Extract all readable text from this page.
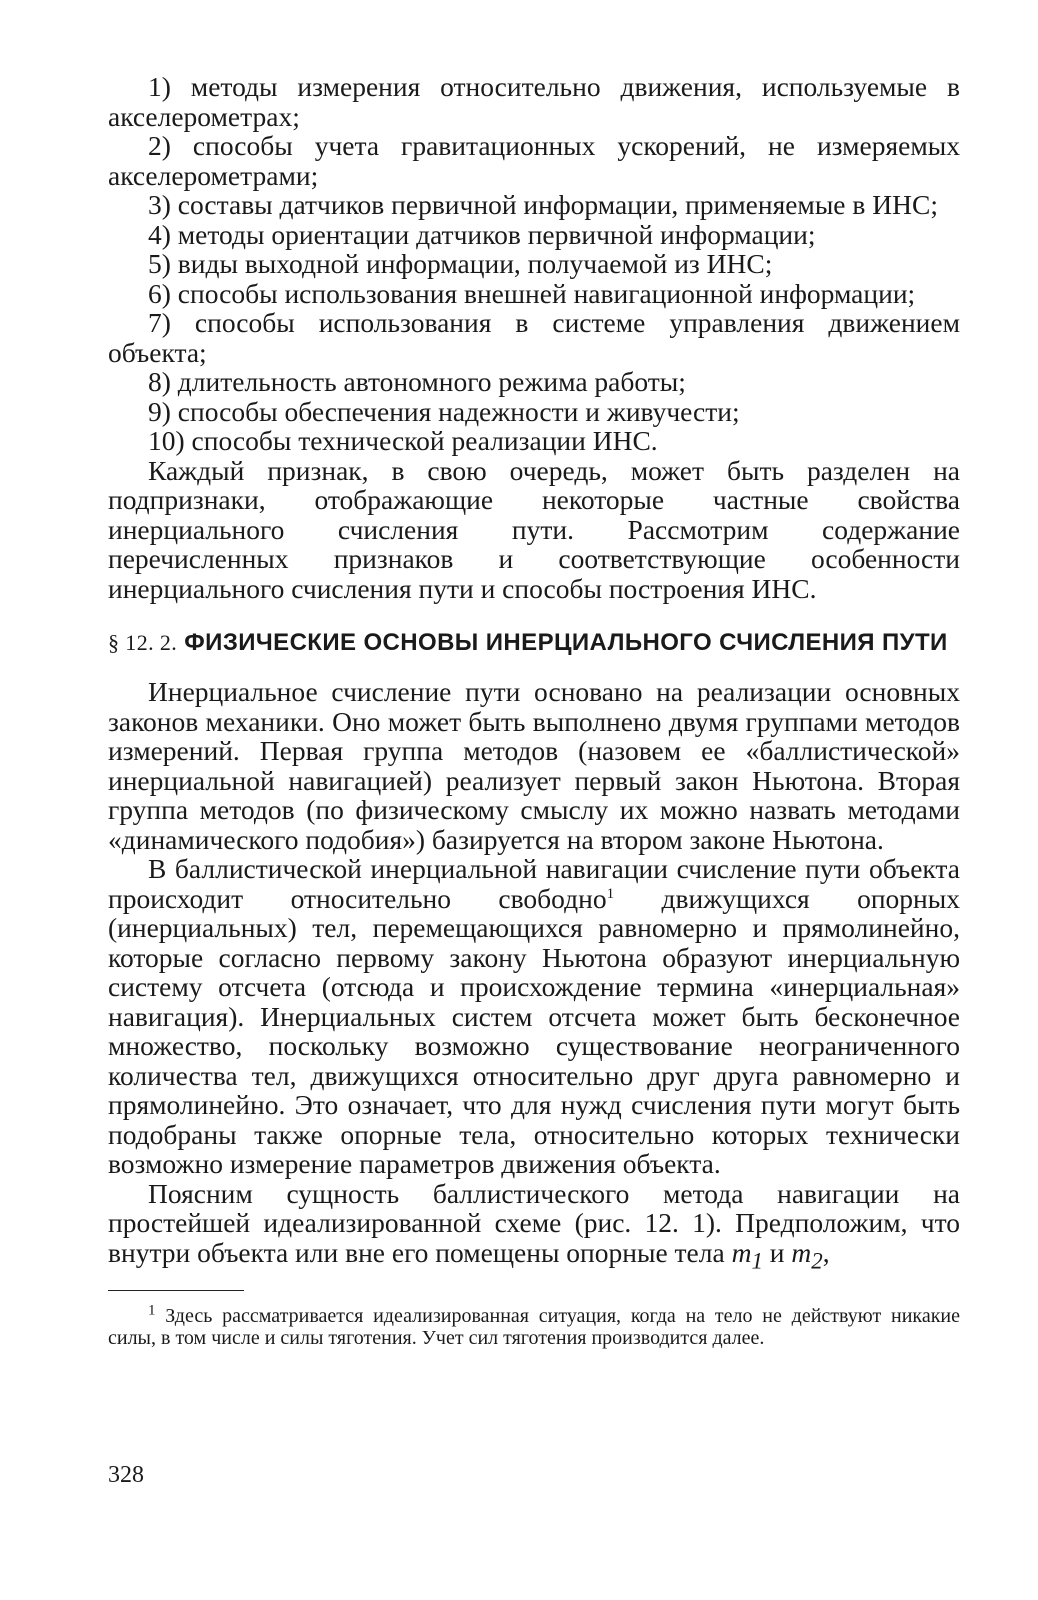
1) методы измерения относительно движения, используемые в акселерометрах;

2) способы учета гравитационных ускорений, не измеряемых акселерометрами;

3) составы датчиков первичной информации, применяемые в ИНС;

4) методы ориентации датчиков первичной информации;

5) виды выходной информации, получаемой из ИНС;

6) способы использования внешней навигационной информации;

7) способы использования в системе управления движением объекта;

8) длительность автономного режима работы;

9) способы обеспечения надежности и живучести;

10) способы технической реализации ИНС.

Каждый признак, в свою очередь, может быть разделен на подпризнаки, отображающие некоторые частные свойства инерциального счисления пути. Рассмотрим содержание перечисленных признаков и соответствующие особенности инерциального счисления пути и способы построения ИНС.

§ 12. 2. ФИЗИЧЕСКИЕ ОСНОВЫ ИНЕРЦИАЛЬНОГО СЧИСЛЕНИЯ ПУТИ

Инерциальное счисление пути основано на реализации основных законов механики. Оно может быть выполнено двумя группами методов измерений. Первая группа методов (назовем ее «баллистической» инерциальной навигацией) реализует первый закон Ньютона. Вторая группа методов (по физическому смыслу их можно назвать методами «динамического подобия») базируется на втором законе Ньютона.

В баллистической инерциальной навигации счисление пути объекта происходит относительно свободно$^1$ движущихся опорных (инерциальных) тел, перемещающихся равномерно и прямолинейно, которые согласно первому закону Ньютона образуют инерциальную систему отсчета (отсюда и происхождение термина «инерциальная» навигация). Инерциальных систем отсчета может быть бесконечное множество, поскольку возможно существование неограниченного количества тел, движущихся относительно друг друга равномерно и прямолинейно. Это означает, что для нужд счисления пути могут быть подобраны также опорные тела, относительно которых технически возможно измерение параметров движения объекта.

Поясним сущность баллистического метода навигации на простейшей идеализированной схеме (рис. 12. 1). Предположим, что внутри объекта или вне его помещены опорные тела $m_1$ и $m_2$,

$^1$ Здесь рассматривается идеализированная ситуация, когда на тело не действуют никакие силы, в том числе и силы тяготения. Учет сил тяготения производится далее.

328
